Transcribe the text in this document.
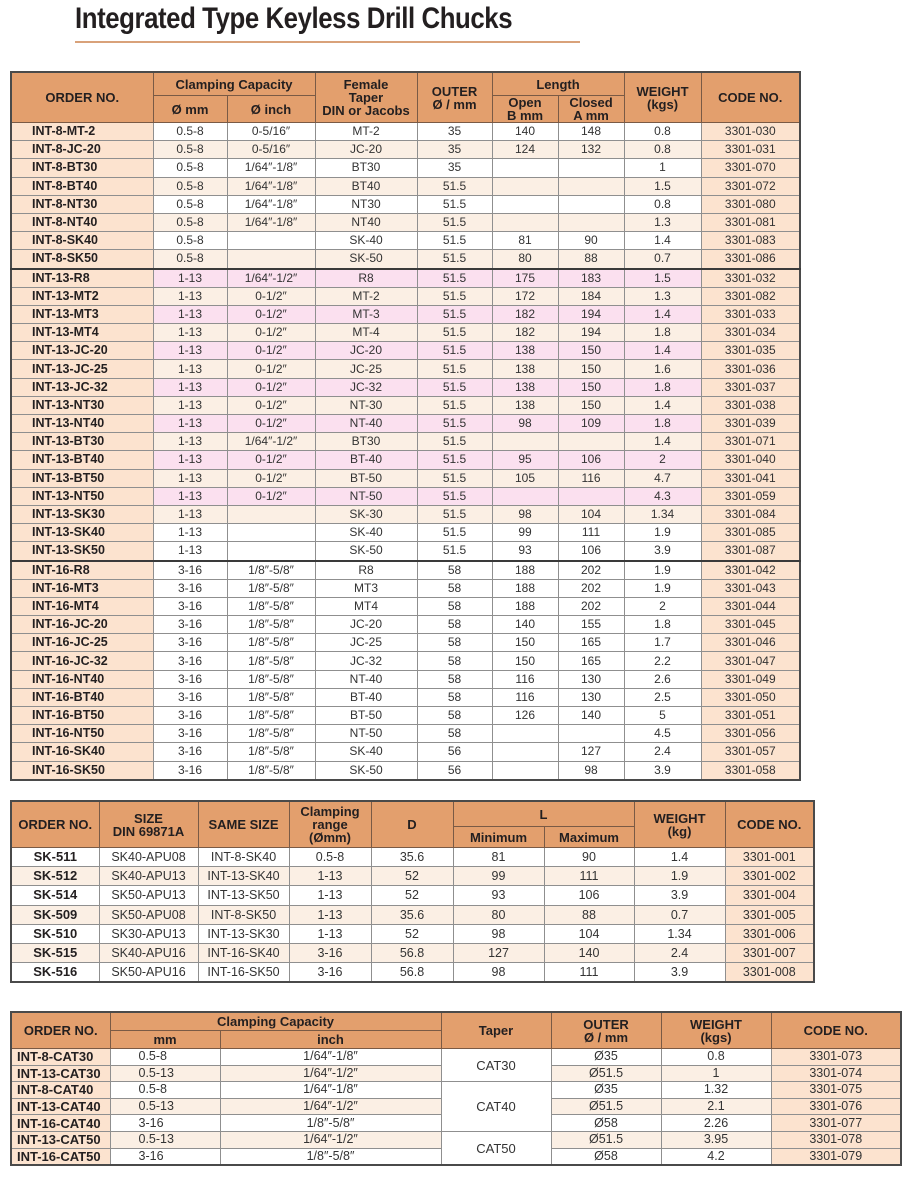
Integrated Type Keyless Drill Chucks
ORDER NO.	Clamping Capacity		Female
Taper
DIN or Jacobs	OUTER
Ø / mm	Length		WEIGHT
(kgs)	CODE NO.
	Ø mm	Ø inch			Open
B mm	Closed
A mm		
INT-8-MT-2	0.5-8	0-5/16″	MT-2	35	140	148	0.8	3301-030
INT-8-JC-20	0.5-8	0-5/16″	JC-20	35	124	132	0.8	3301-031
INT-8-BT30	0.5-8	1/64″-1/8″	BT30	35			1	3301-070
INT-8-BT40	0.5-8	1/64″-1/8″	BT40	51.5			1.5	3301-072
INT-8-NT30	0.5-8	1/64″-1/8″	NT30	51.5			0.8	3301-080
INT-8-NT40	0.5-8	1/64″-1/8″	NT40	51.5			1.3	3301-081
INT-8-SK40	0.5-8		SK-40	51.5	81	90	1.4	3301-083
INT-8-SK50	0.5-8		SK-50	51.5	80	88	0.7	3301-086
INT-13-R8	1-13	1/64″-1/2″	R8	51.5	175	183	1.5	3301-032
INT-13-MT2	1-13	0-1/2″	MT-2	51.5	172	184	1.3	3301-082
INT-13-MT3	1-13	0-1/2″	MT-3	51.5	182	194	1.4	3301-033
INT-13-MT4	1-13	0-1/2″	MT-4	51.5	182	194	1.8	3301-034
INT-13-JC-20	1-13	0-1/2″	JC-20	51.5	138	150	1.4	3301-035
INT-13-JC-25	1-13	0-1/2″	JC-25	51.5	138	150	1.6	3301-036
INT-13-JC-32	1-13	0-1/2″	JC-32	51.5	138	150	1.8	3301-037
INT-13-NT30	1-13	0-1/2″	NT-30	51.5	138	150	1.4	3301-038
INT-13-NT40	1-13	0-1/2″	NT-40	51.5	98	109	1.8	3301-039
INT-13-BT30	1-13	1/64″-1/2″	BT30	51.5			1.4	3301-071
INT-13-BT40	1-13	0-1/2″	BT-40	51.5	95	106	2	3301-040
INT-13-BT50	1-13	0-1/2″	BT-50	51.5	105	116	4.7	3301-041
INT-13-NT50	1-13	0-1/2″	NT-50	51.5			4.3	3301-059
INT-13-SK30	1-13		SK-30	51.5	98	104	1.34	3301-084
INT-13-SK40	1-13		SK-40	51.5	99	111	1.9	3301-085
INT-13-SK50	1-13		SK-50	51.5	93	106	3.9	3301-087
INT-16-R8	3-16	1/8″-5/8″	R8	58	188	202	1.9	3301-042
INT-16-MT3	3-16	1/8″-5/8″	MT3	58	188	202	1.9	3301-043
INT-16-MT4	3-16	1/8″-5/8″	MT4	58	188	202	2	3301-044
INT-16-JC-20	3-16	1/8″-5/8″	JC-20	58	140	155	1.8	3301-045
INT-16-JC-25	3-16	1/8″-5/8″	JC-25	58	150	165	1.7	3301-046
INT-16-JC-32	3-16	1/8″-5/8″	JC-32	58	150	165	2.2	3301-047
INT-16-NT40	3-16	1/8″-5/8″	NT-40	58	116	130	2.6	3301-049
INT-16-BT40	3-16	1/8″-5/8″	BT-40	58	116	130	2.5	3301-050
INT-16-BT50	3-16	1/8″-5/8″	BT-50	58	126	140	5	3301-051
INT-16-NT50	3-16	1/8″-5/8″	NT-50	58			4.5	3301-056
INT-16-SK40	3-16	1/8″-5/8″	SK-40	56		127	2.4	3301-057
INT-16-SK50	3-16	1/8″-5/8″	SK-50	56		98	3.9	3301-058
ORDER NO.	SIZE
DIN 69871A	SAME SIZE	Clamping
range
(Ømm)	D	L		WEIGHT
(kg)	CODE NO.
					Minimum	Maximum		
SK-511	SK40-APU08	INT-8-SK40	0.5-8	35.6	81	90	1.4	3301-001
SK-512	SK40-APU13	INT-13-SK40	1-13	52	99	111	1.9	3301-002
SK-514	SK50-APU13	INT-13-SK50	1-13	52	93	106	3.9	3301-004
SK-509	SK50-APU08	INT-8-SK50	1-13	35.6	80	88	0.7	3301-005
SK-510	SK30-APU13	INT-13-SK30	1-13	52	98	104	1.34	3301-006
SK-515	SK40-APU16	INT-16-SK40	3-16	56.8	127	140	2.4	3301-007
SK-516	SK50-APU16	INT-16-SK50	3-16	56.8	98	111	3.9	3301-008
ORDER NO.	Clamping Capacity		Taper	OUTER
Ø / mm	WEIGHT
(kgs)	CODE NO.
	mm	inch				
INT-8-CAT30	0.5-8	1/64″-1/8″	CAT30	Ø35	0.8	3301-073
INT-13-CAT30	0.5-13	1/64″-1/2″		Ø51.5	1	3301-074
INT-8-CAT40	0.5-8	1/64″-1/8″	CAT40	Ø35	1.32	3301-075
INT-13-CAT40	0.5-13	1/64″-1/2″		Ø51.5	2.1	3301-076
INT-16-CAT40	3-16	1/8″-5/8″		Ø58	2.26	3301-077
INT-13-CAT50	0.5-13	1/64″-1/2″	CAT50	Ø51.5	3.95	3301-078
INT-16-CAT50	3-16	1/8″-5/8″		Ø58	4.2	3301-079
